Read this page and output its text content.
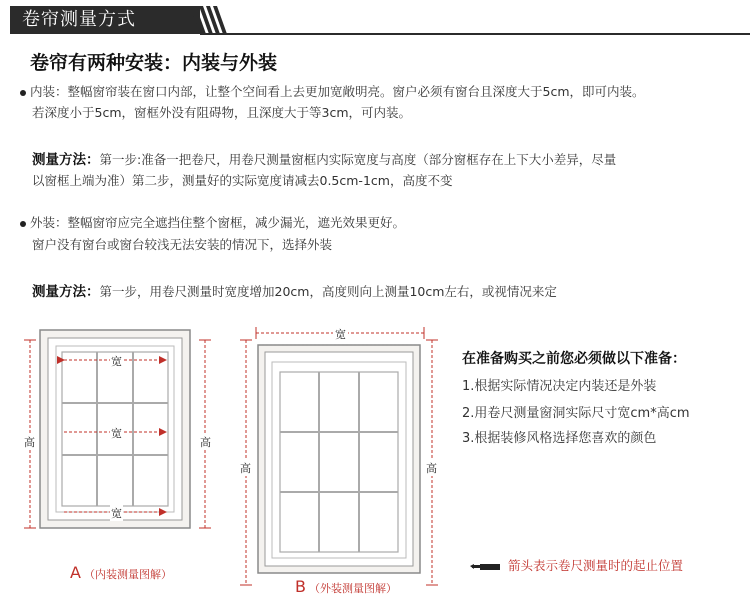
卷帘测量方式
卷帘有两种安装：内装与外装
内装：整幅窗帘装在窗口内部，让整个空间看上去更加宽敞明亮。窗户必须有窗台且深度大于5cm，即可内装。
若深度小于5cm，窗框外没有阻碍物，且深度大于等3cm，可内装。
测量方法：第一步:准备一把卷尺，用卷尺测量窗框内实际宽度与高度（部分窗框存在上下大小差异，尽量
以窗框上端为准）第二步，测量好的实际宽度请减去0.5cm-1cm，高度不变
外装：整幅窗帘应完全遮挡住整个窗框，减少漏光，遮光效果更好。
窗户没有窗台或窗台较浅无法安装的情况下，选择外装
测量方法：第一步，用卷尺测量时宽度增加20cm，高度则向上测量10cm左右，或视情况来定
宽
宽
宽
高	高
A （内装测量图解）
宽
高	高
B （外装测量图解）
在准备购买之前您必须做以下准备：
1.根据实际情况决定内装还是外装
2.用卷尺测量窗洞实际尺寸宽cm*高cm
3.根据装修风格选择您喜欢的颜色
箭头表示卷尺测量时的起止位置
